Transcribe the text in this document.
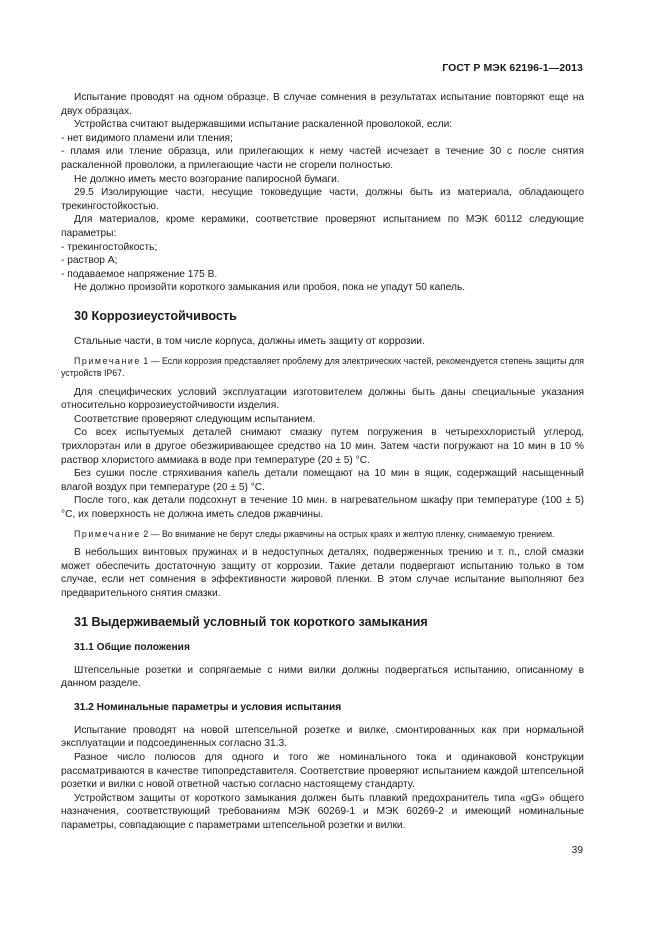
ГОСТ Р МЭК 62196-1—2013

Испытание проводят на одном образце. В случае сомнения в результатах испытание повторяют еще на двух образцах.

Устройства считают выдержавшими испытание раскаленной проволокой, если:

- нет видимого пламени или тления;

- пламя или тление образца, или прилегающих к нему частей исчезает в течение 30 с после снятия раскаленной проволоки, а прилегающие части не сгорели полностью.

Не должно иметь место возгорание папиросной бумаги.

29.5 Изолирующие части, несущие токоведущие части, должны быть из материала, обладающего трекингостойкостью.

Для материалов, кроме керамики, соответствие проверяют испытанием по МЭК 60112 следующие параметры:

- трекингостойкость;

- раствор А;

- подаваемое напряжение 175 В.

Не должно произойти короткого замыкания или пробоя, пока не упадут 50 капель.

30 Коррозиеустойчивость

Стальные части, в том числе корпуса, должны иметь защиту от коррозии.

Примечание 1 — Если коррозия представляет проблему для электрических частей, рекомендуется степень защиты для устройств IP67.

Для специфических условий эксплуатации изготовителем должны быть даны специальные указания относительно коррозиеустойчивости изделия.

Соответствие проверяют следующим испытанием.

Со всех испытуемых деталей снимают смазку путем погружения в четыреххлористый углерод, трихлорэтан или в другое обезжиривающее средство на 10 мин. Затем части погружают на 10 мин в 10 % раствор хлористого аммиака в воде при температуре (20 ± 5) °С.

Без сушки после стряхивания капель детали помещают на 10 мин в ящик, содержащий насыщенный влагой воздух при температуре (20 ± 5) °С.

После того, как детали подсохнут в течение 10 мин. в нагревательном шкафу при температуре (100 ± 5) °С, их поверхность не должна иметь следов ржавчины.

Примечание 2 — Во внимание не берут следы ржавчины на острых краях и желтую пленку, снимаемую трением.

В небольших винтовых пружинах и в недоступных деталях, подверженных трению и т. п., слой смазки может обеспечить достаточную защиту от коррозии. Такие детали подвергают испытанию только в том случае, если нет сомнения в эффективности жировой пленки. В этом случае испытание выполняют без предварительного снятия смазки.

31 Выдерживаемый условный ток короткого замыкания
31.1 Общие положения

Штепсельные розетки и сопрягаемые с ними вилки должны подвергаться испытанию, описанному в данном разделе.

31.2 Номинальные параметры и условия испытания

Испытание проводят на новой штепсельной розетке и вилке, смонтированных как при нормальной эксплуатации и подсоединенных согласно 31.3.

Разное число полюсов для одного и того же номинального тока и одинаковой конструкции рассматриваются в качестве типопредставителя. Соответствие проверяют испытанием каждой штепсельной розетки и вилки с новой ответной частью согласно настоящему стандарту.

Устройством защиты от короткого замыкания должен быть плавкий предохранитель типа «gG» общего назначения, соответствующий требованиям МЭК 60269-1 и МЭК 60269-2 и имеющий номинальные параметры, совпадающие с параметрами штепсельной розетки и вилки.

39
